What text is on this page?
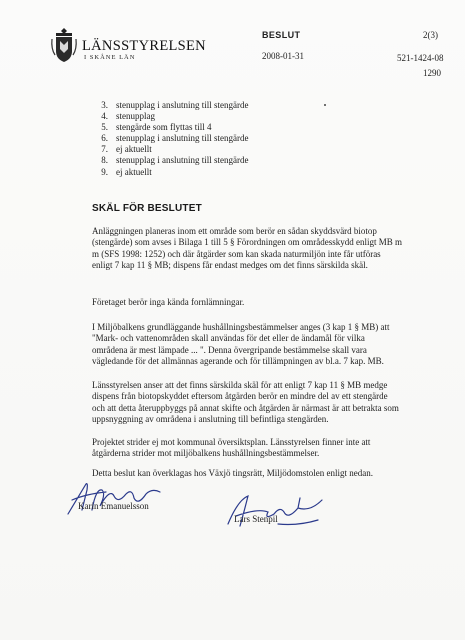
LÄNSSTYRELSEN
I SKÅNE LÄN
BESLUT
2008-01-31
2(3)
521-1424-08
1290
3. stenupplag i anslutning till stengärde
4. stenupplag
5. stengärde som flyttas till 4
6. stenupplag i anslutning till stengärde
7. ej aktuellt
8. stenupplag i anslutning till stengärde
9. ej aktuellt
SKÄL FÖR BESLUTET

Anläggningen planeras inom ett område som berör en sådan skyddsvärd biotop (stengärde) som avses i Bilaga 1 till 5 § Förordningen om områdesskydd enligt MB m m (SFS 1998: 1252) och där åtgärder som kan skada naturmiljön inte får utföras enligt 7 kap 11 § MB; dispens får endast medges om det finns särskilda skäl.

Företaget berör inga kända fornlämningar.

I Miljöbalkens grundläggande hushållningsbestämmelser anges (3 kap 1 § MB) att "Mark- och vattenområden skall användas för det eller de ändamål för vilka områdena är mest lämpade ... ". Denna övergripande bestämmelse skall vara vägledande för det allmännas agerande och för tillämpningen av bl.a. 7 kap. MB.

Länsstyrelsen anser att det finns särskilda skäl för att enligt 7 kap 11 § MB medge dispens från biotopskyddet eftersom åtgärden berör en mindre del av ett stengärde och att detta återuppbyggs på annat skifte och åtgärden är närmast är att betrakta som uppsnyggning av områdena i anslutning till befintliga stengärden.

Projektet strider ej mot kommunal översiktsplan. Länsstyrelsen finner inte att åtgärderna strider mot miljöbalkens hushållningsbestämmelser.

Detta beslut kan överklagas hos Växjö tingsrätt, Miljödomstolen enligt nedan.

Karin Emanuelsson
Lars Stenpil
